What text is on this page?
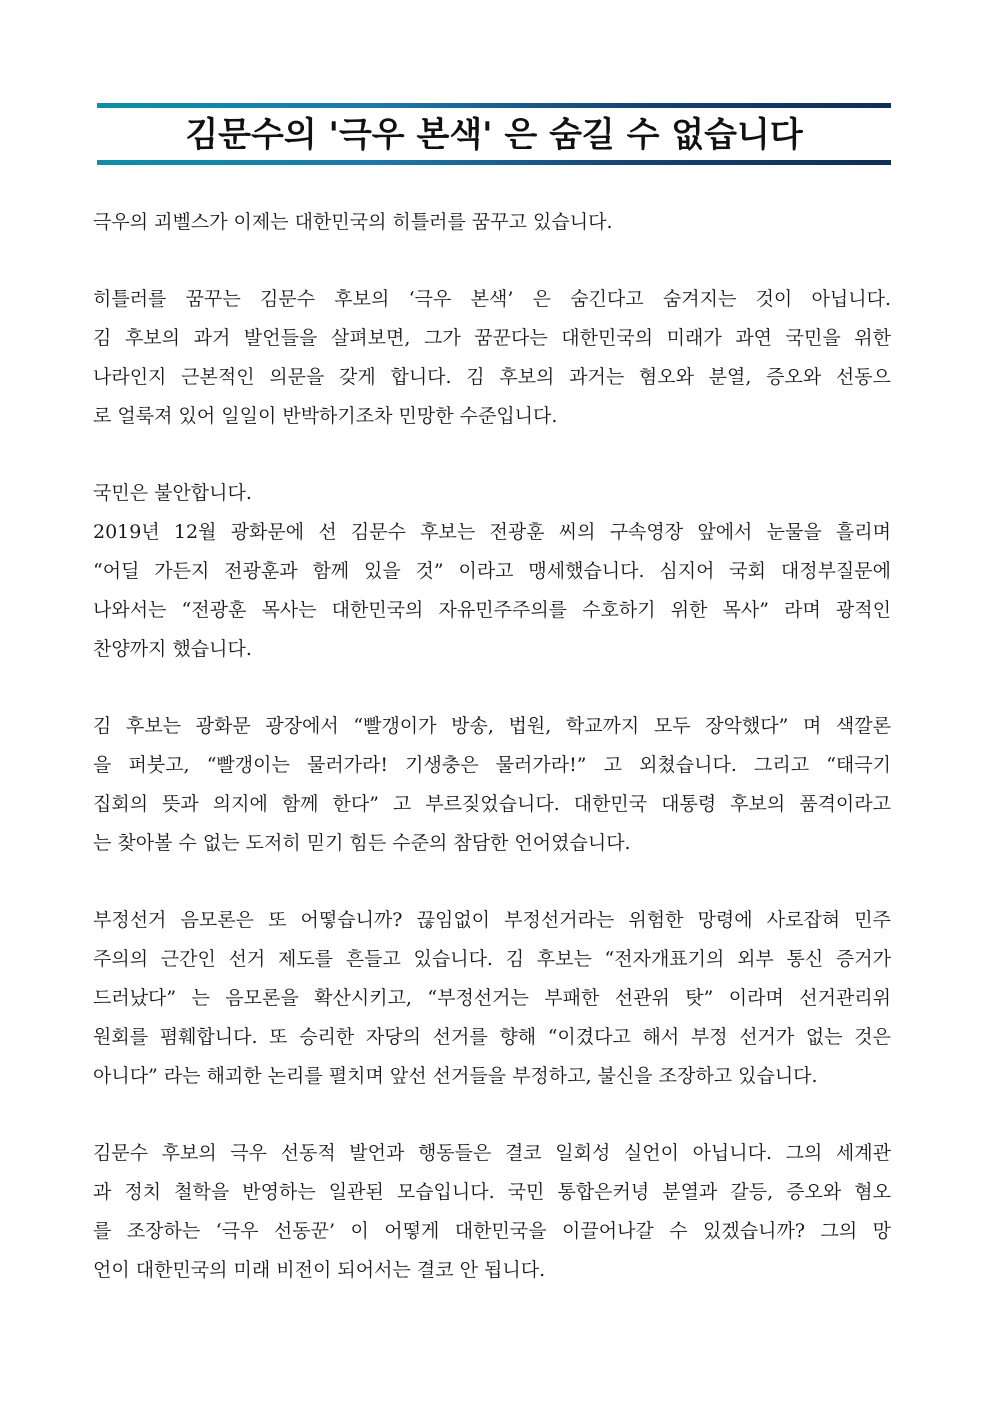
김문수의 '극우 본색' 은 숨길 수 없습니다
극우의 괴벨스가 이제는 대한민국의 히틀러를 꿈꾸고 있습니다.
히틀러를 꿈꾸는 김문수 후보의 ‘극우 본색’ 은 숨긴다고 숨겨지는 것이 아닙니다.
김 후보의 과거 발언들을 살펴보면, 그가 꿈꾼다는 대한민국의 미래가 과연 국민을 위한
나라인지 근본적인 의문을 갖게 합니다. 김 후보의 과거는 혐오와 분열, 증오와 선동으
로 얼룩져 있어 일일이 반박하기조차 민망한 수준입니다.
국민은 불안합니다.
2019년 12월 광화문에 선 김문수 후보는 전광훈 씨의 구속영장 앞에서 눈물을 흘리며
“어딜 가든지 전광훈과 함께 있을 것” 이라고 맹세했습니다. 심지어 국회 대정부질문에
나와서는 “전광훈 목사는 대한민국의 자유민주주의를 수호하기 위한 목사” 라며 광적인
찬양까지 했습니다.
김 후보는 광화문 광장에서 “빨갱이가 방송, 법원, 학교까지 모두 장악했다” 며 색깔론
을 퍼붓고, “빨갱이는 물러가라! 기생충은 물러가라!” 고 외쳤습니다. 그리고 “태극기
집회의 뜻과 의지에 함께 한다” 고 부르짖었습니다. 대한민국 대통령 후보의 품격이라고
는 찾아볼 수 없는 도저히 믿기 힘든 수준의 참담한 언어였습니다.
부정선거 음모론은 또 어떻습니까? 끊임없이 부정선거라는 위험한 망령에 사로잡혀 민주
주의의 근간인 선거 제도를 흔들고 있습니다. 김 후보는 “전자개표기의 외부 통신 증거가
드러났다” 는 음모론을 확산시키고, “부정선거는 부패한 선관위 탓” 이라며 선거관리위
원회를 폄훼합니다. 또 승리한 자당의 선거를 향해 “이겼다고 해서 부정 선거가 없는 것은
아니다” 라는 해괴한 논리를 펼치며 앞선 선거들을 부정하고, 불신을 조장하고 있습니다.
김문수 후보의 극우 선동적 발언과 행동들은 결코 일회성 실언이 아닙니다. 그의 세계관
과 정치 철학을 반영하는 일관된 모습입니다. 국민 통합은커녕 분열과 갈등, 증오와 혐오
를 조장하는 ‘극우 선동꾼’ 이 어떻게 대한민국을 이끌어나갈 수 있겠습니까? 그의 망
언이 대한민국의 미래 비전이 되어서는 결코 안 됩니다.
